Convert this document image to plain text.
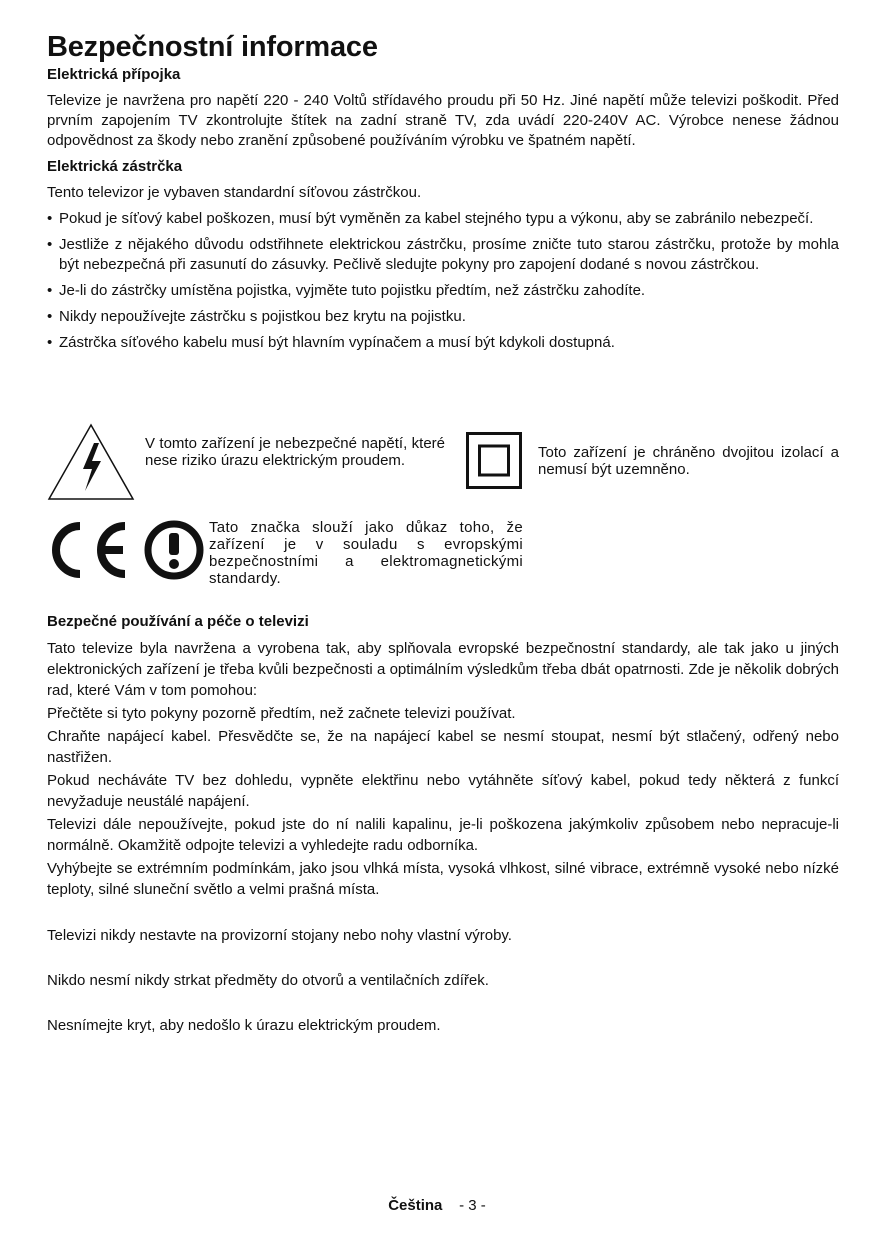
Bezpečnostní informace
Elektrická přípojka

Televize je navržena pro napětí 220 - 240 Voltů střídavého proudu při 50 Hz. Jiné napětí může televizi poškodit. Před prvním zapojením TV zkontrolujte štítek na zadní straně TV, zda uvádí 220-240V AC. Výrobce nenese žádnou odpovědnost za škody nebo zranění způsobené používáním výrobku ve špatném napětí.

Elektrická zástrčka

Tento televizor je vybaven standardní síťovou zástrčkou.

• Pokud je síťový kabel poškozen, musí být vyměněn za kabel stejného typu a výkonu, aby se zabránilo nebezpečí.
• Jestliže z nějakého důvodu odstřihnete elektrickou zástrčku, prosíme zničte tuto starou zástrčku, protože by mohla být nebezpečná při zasunutí do zásuvky. Pečlivě sledujte pokyny pro zapojení dodané s novou zástrčkou.
• Je-li do zástrčky umístěna pojistka, vyjměte tuto pojistku předtím, než zástrčku zahodíte.
• Nikdy nepoužívejte zástrčku s pojistkou bez krytu na pojistku.
• Zástrčka síťového kabelu musí být hlavním vypínačem a musí být kdykoli dostupná.
V tomto zařízení je nebezpečné napětí, které nese riziko úrazu elektrickým proudem.	Toto zařízení je chráněno dvojitou izolací a nemusí být uzemněno.
Tato značka slouží jako důkaz toho, že zařízení je v souladu s evropskými bezpečnostními a elektromagnetickými standardy.
Bezpečné používání a péče o televizi

Tato televize byla navržena a vyrobena tak, aby splňovala evropské bezpečnostní standardy, ale tak jako u jiných elektronických zařízení je třeba kvůli bezpečnosti a optimálním výsledkům třeba dbát opatrnosti. Zde je několik dobrých rad, které Vám v tom pomohou:

Přečtěte si tyto pokyny pozorně předtím, než začnete televizi používat.

Chraňte napájecí kabel. Přesvědčte se, že na napájecí kabel se nesmí stoupat, nesmí být stlačený, odřený nebo nastřižen.

Pokud necháváte TV bez dohledu, vypněte elektřinu nebo vytáhněte síťový kabel, pokud tedy některá z funkcí nevyžaduje neustálé napájení.

Televizi dále nepoužívejte, pokud jste do ní nalili kapalinu, je-li poškozena jakýmkoliv způsobem nebo nepracuje-li normálně. Okamžitě odpojte televizi a vyhledejte radu odborníka.

Vyhýbejte se extrémním podmínkám, jako jsou vlhká místa, vysoká vlhkost, silné vibrace, extrémně vysoké nebo nízké teploty, silné sluneční světlo a velmi prašná místa.

Televizi nikdy nestavte na provizorní stojany nebo nohy vlastní výroby.

Nikdo nesmí nikdy strkat předměty do otvorů a ventilačních zdířek.

Nesnímejte kryt, aby nedošlo k úrazu elektrickým proudem.

Čeština - 3 -
